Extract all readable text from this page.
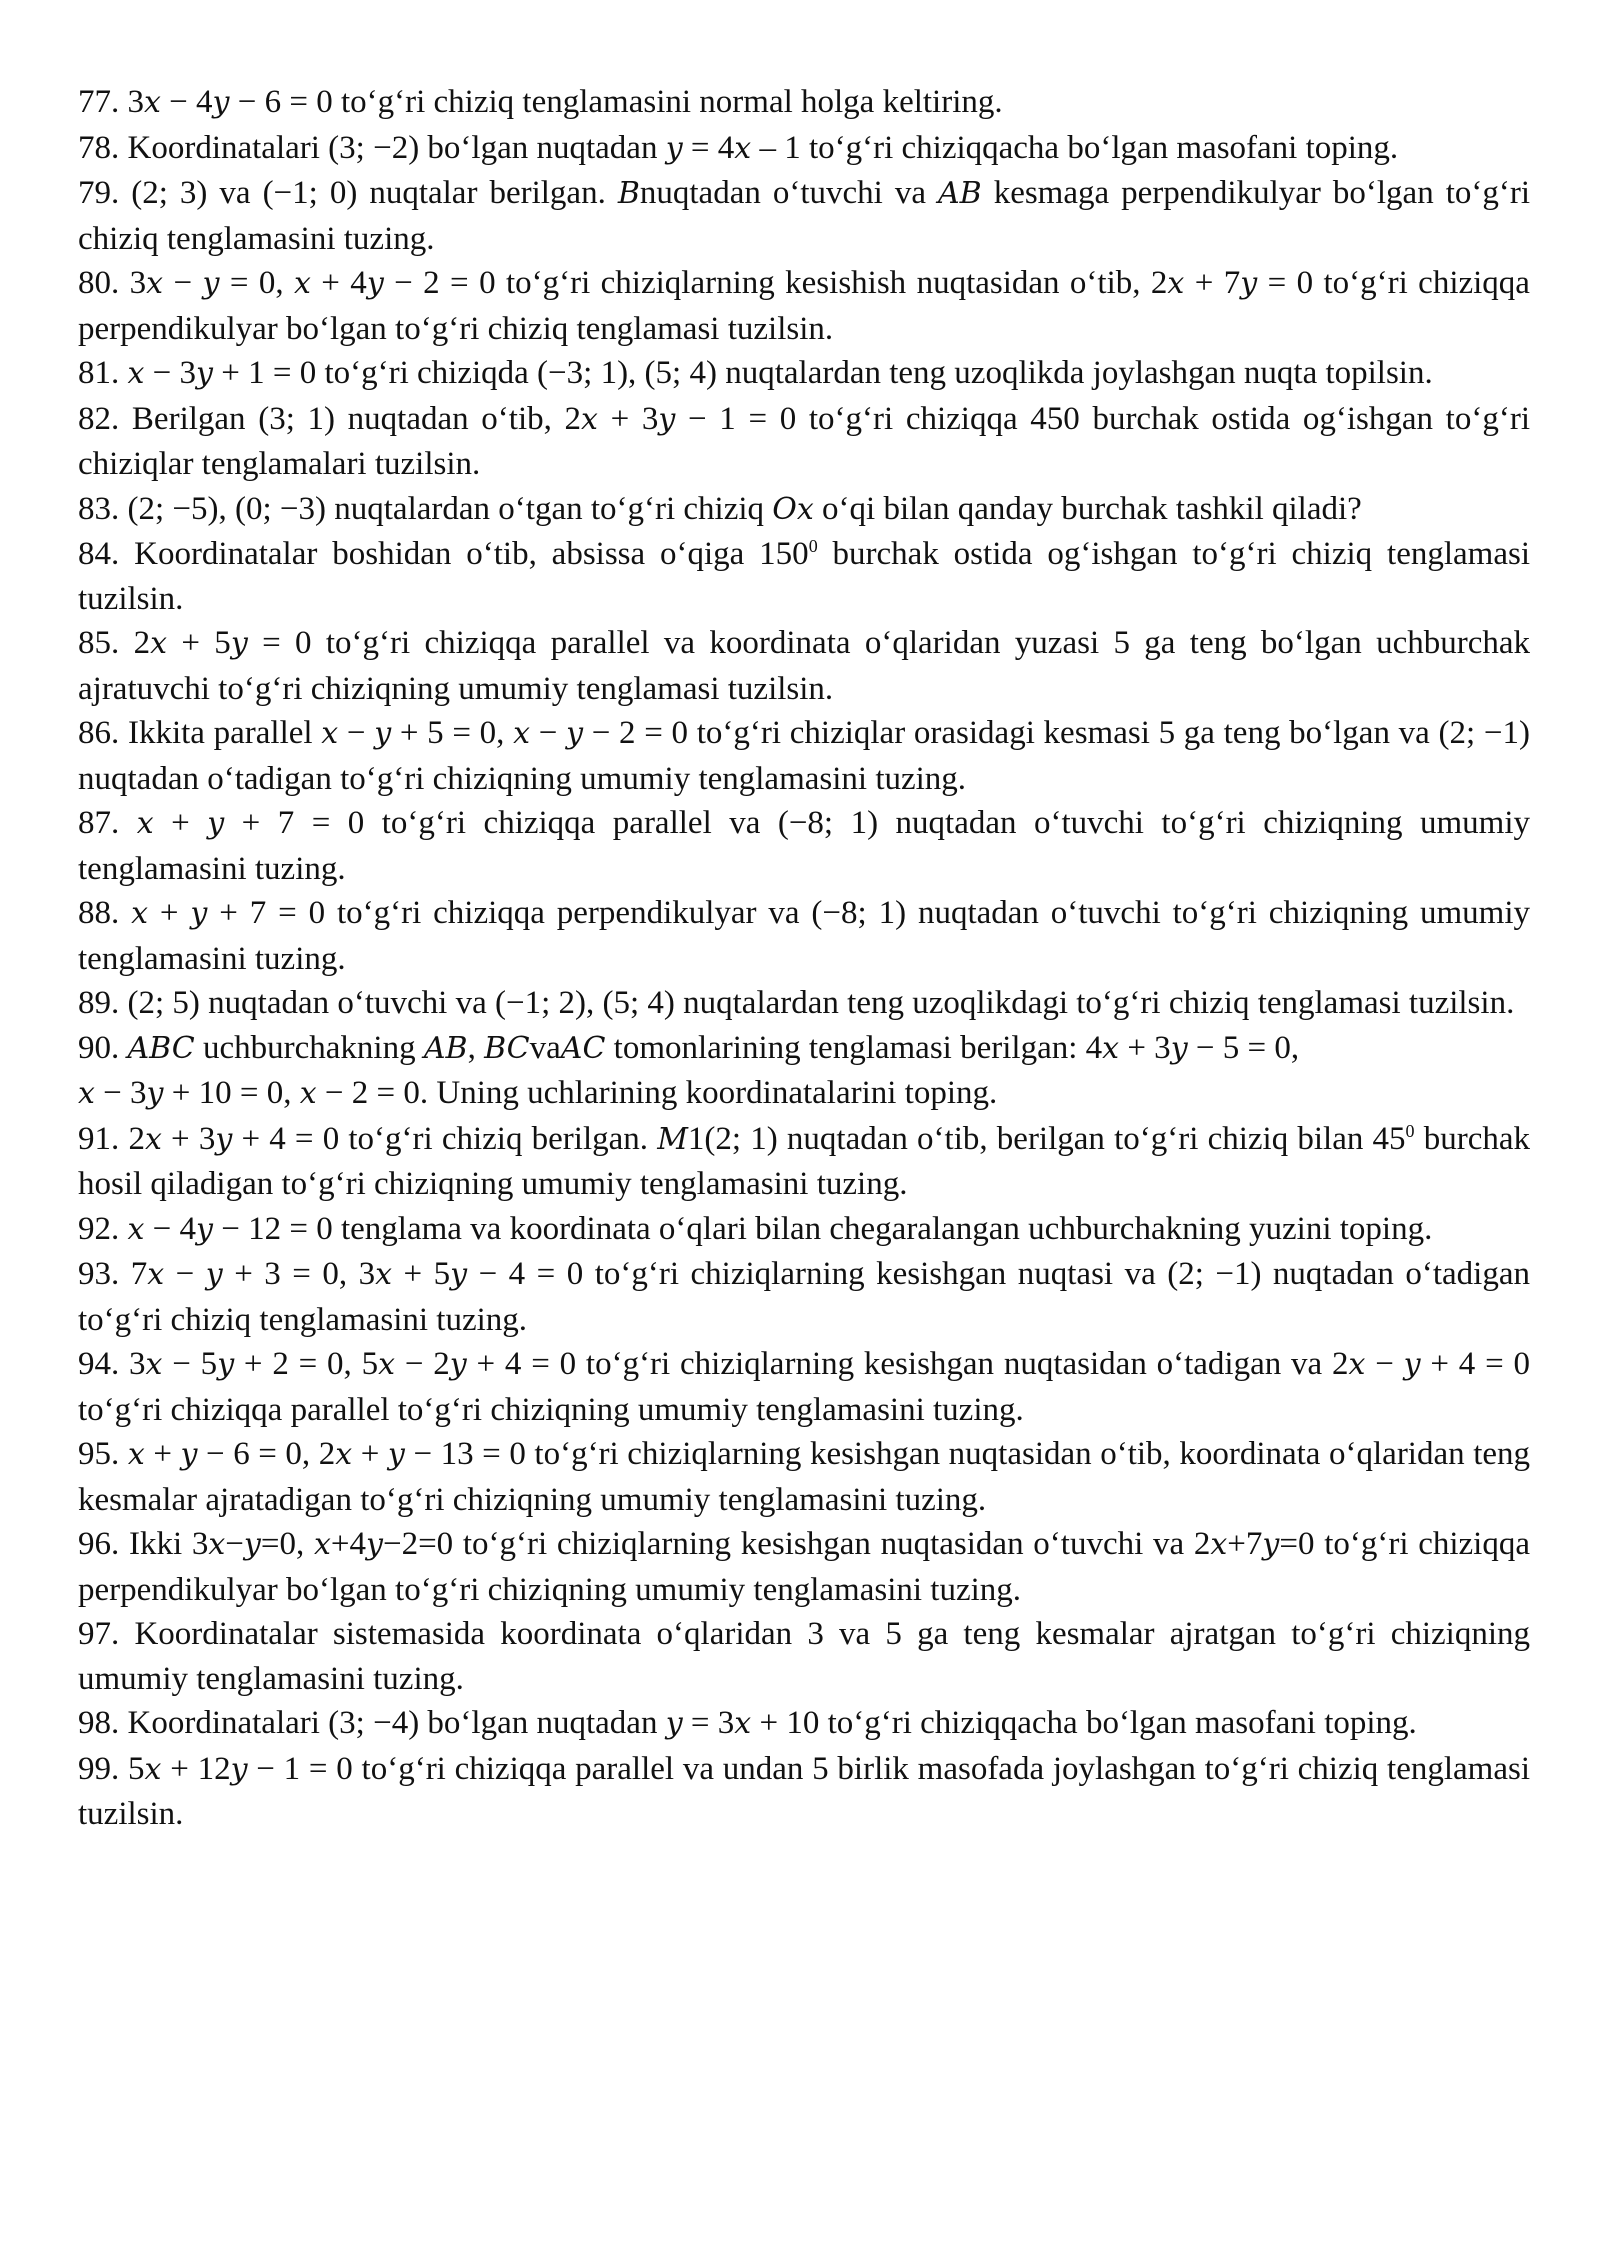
77. 3x − 4y − 6 = 0 to‘g‘ri chiziq tenglamasini normal holga keltiring.
78. Koordinatalari (3; −2) bo‘lgan nuqtadan y = 4x – 1 to‘g‘ri chiziqqacha bo‘lgan masofani toping.
79. (2; 3) va (−1; 0) nuqtalar berilgan. Bnuqtadan o‘tuvchi va AB kesmaga perpendikulyar bo‘lgan to‘g‘ri chiziq tenglamasini tuzing.
80. 3x − y = 0, x + 4y − 2 = 0 to‘g‘ri chiziqlarning kesishish nuqtasidan o‘tib, 2x + 7y = 0 to‘g‘ri chiziqqa perpendikulyar bo‘lgan to‘g‘ri chiziq tenglamasi tuzilsin.
81. x − 3y + 1 = 0 to‘g‘ri chiziqda (−3; 1), (5; 4) nuqtalardan teng uzoqlikda joylashgan nuqta topilsin.
82. Berilgan (3; 1) nuqtadan o‘tib, 2x + 3y − 1 = 0 to‘g‘ri chiziqqa 450 burchak ostida og‘ishgan to‘g‘ri chiziqlar tenglamalari tuzilsin.
83. (2; −5), (0; −3) nuqtalardan o‘tgan to‘g‘ri chiziq Ox o‘qi bilan qanday burchak tashkil qiladi?
84. Koordinatalar boshidan o‘tib, absissa o‘qiga $150^0$ burchak ostida og‘ishgan to‘g‘ri chiziq tenglamasi tuzilsin.
85. 2x + 5y = 0 to‘g‘ri chiziqqa parallel va koordinata o‘qlaridan yuzasi 5 ga teng bo‘lgan uchburchak ajratuvchi to‘g‘ri chiziqning umumiy tenglamasi tuzilsin.
86. Ikkita parallel x − y + 5 = 0, x − y − 2 = 0 to‘g‘ri chiziqlar orasidagi kesmasi 5 ga teng bo‘lgan va (2; −1) nuqtadan o‘tadigan to‘g‘ri chiziqning umumiy tenglamasini tuzing.
87. x + y + 7 = 0 to‘g‘ri chiziqqa parallel va (−8; 1) nuqtadan o‘tuvchi to‘g‘ri chiziqning umumiy tenglamasini tuzing.
88. x + y + 7 = 0 to‘g‘ri chiziqqa perpendikulyar va (−8; 1) nuqtadan o‘tuvchi to‘g‘ri chiziqning umumiy tenglamasini tuzing.
89. (2; 5) nuqtadan o‘tuvchi va (−1; 2), (5; 4) nuqtalardan teng uzoqlikdagi to‘g‘ri chiziq tenglamasi tuzilsin.
90. ABC uchburchakning AB, BCvaAC tomonlarining tenglamasi berilgan: 4x + 3y − 5 = 0,
x − 3y + 10 = 0, x − 2 = 0. Uning uchlarining koordinatalarini toping.
91. 2x + 3y + 4 = 0 to‘g‘ri chiziq berilgan. M1(2; 1) nuqtadan o‘tib, berilgan to‘g‘ri chiziq bilan $45^0$ burchak hosil qiladigan to‘g‘ri chiziqning umumiy tenglamasini tuzing.
92. x − 4y − 12 = 0 tenglama va koordinata o‘qlari bilan chegaralangan uchburchakning yuzini toping.
93. 7x − y + 3 = 0, 3x + 5y − 4 = 0 to‘g‘ri chiziqlarning kesishgan nuqtasi va (2; −1) nuqtadan o‘tadigan to‘g‘ri chiziq tenglamasini tuzing.
94. 3x − 5y + 2 = 0, 5x − 2y + 4 = 0 to‘g‘ri chiziqlarning kesishgan nuqtasidan o‘tadigan va 2x − y + 4 = 0 to‘g‘ri chiziqqa parallel to‘g‘ri chiziqning umumiy tenglamasini tuzing.
95. x + y − 6 = 0, 2x + y − 13 = 0 to‘g‘ri chiziqlarning kesishgan nuqtasidan o‘tib, koordinata o‘qlaridan teng kesmalar ajratadigan to‘g‘ri chiziqning umumiy tenglamasini tuzing.
96. Ikki 3x−y=0, x+4y−2=0 to‘g‘ri chiziqlarning kesishgan nuqtasidan o‘tuvchi va 2x+7y=0 to‘g‘ri chiziqqa perpendikulyar bo‘lgan to‘g‘ri chiziqning umumiy tenglamasini tuzing.
97. Koordinatalar sistemasida koordinata o‘qlaridan 3 va 5 ga teng kesmalar ajratgan to‘g‘ri chiziqning umumiy tenglamasini tuzing.
98. Koordinatalari (3; −4) bo‘lgan nuqtadan y = 3x + 10 to‘g‘ri chiziqqacha bo‘lgan masofani toping.
99. 5x + 12y − 1 = 0 to‘g‘ri chiziqqa parallel va undan 5 birlik masofada joylashgan to‘g‘ri chiziq tenglamasi tuzilsin.
